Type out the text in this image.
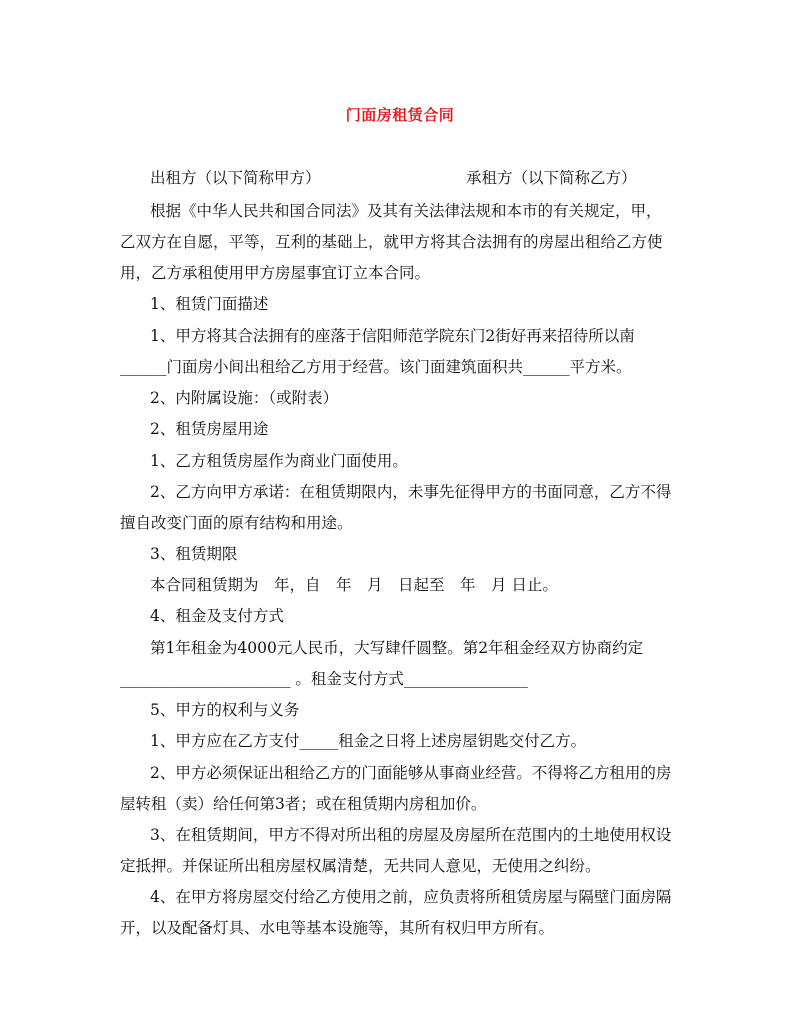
门面房租赁合同
出租方（以下简称甲方）	承租方（以下简称乙方）
根据《中华人民共和国合同法》及其有关法律法规和本市的有关规定，甲，
乙双方在自愿，平等，互利的基础上，就甲方将其合法拥有的房屋出租给乙方使
用，乙方承租使用甲方房屋事宜订立本合同。
1、租赁门面描述
1、甲方将其合法拥有的座落于信阳师范学院东门2街好再来招待所以南
______门面房小间出租给乙方用于经营。该门面建筑面积共______平方米。
2、内附属设施：（或附表）
2、租赁房屋用途
1、乙方租赁房屋作为商业门面使用。
2、乙方向甲方承诺：在租赁期限内，未事先征得甲方的书面同意，乙方不得
擅自改变门面的原有结构和用途。
3、租赁期限
本合同租赁期为　年，自　年　月　日起至　年　月 日止。
4、租金及支付方式
第1年租金为4000元人民币，大写肆仟圆整。第2年租金经双方协商约定
______________________ 。租金支付方式________________
5、甲方的权利与义务
1、甲方应在乙方支付_____租金之日将上述房屋钥匙交付乙方。
2、甲方必须保证出租给乙方的门面能够从事商业经营。不得将乙方租用的房
屋转租（卖）给任何第3者；或在租赁期内房租加价。
3、在租赁期间，甲方不得对所出租的房屋及房屋所在范围内的土地使用权设
定抵押。并保证所出租房屋权属清楚，无共同人意见，无使用之纠纷。
4、在甲方将房屋交付给乙方使用之前，应负责将所租赁房屋与隔壁门面房隔
开，以及配备灯具、水电等基本设施等，其所有权归甲方所有。
